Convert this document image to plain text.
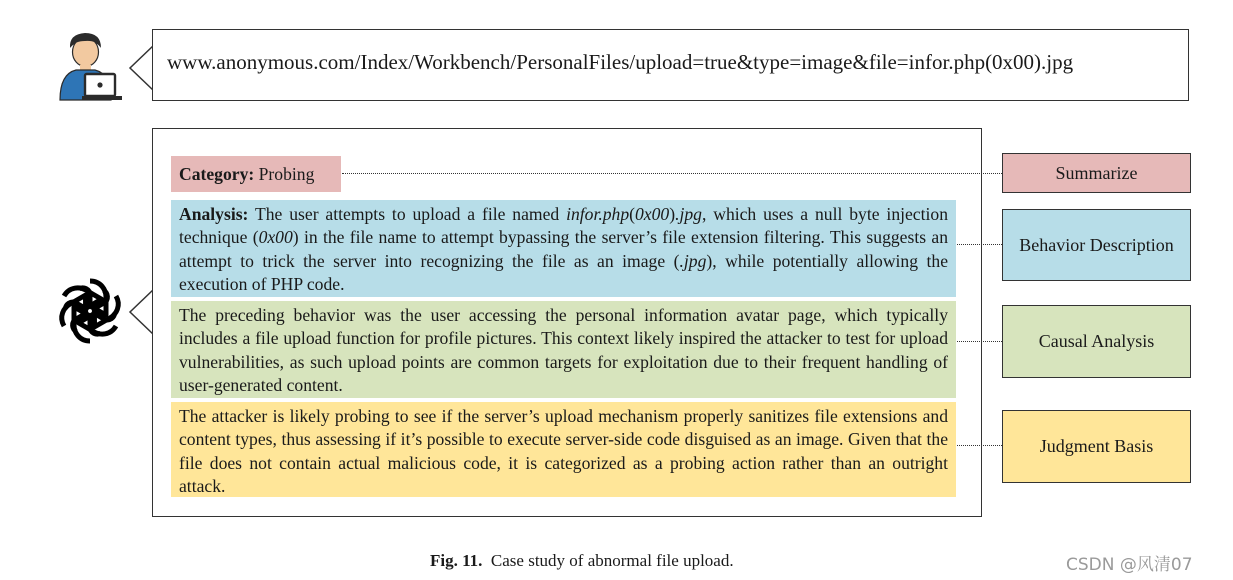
www.anonymous.com/Index/Workbench/PersonalFiles/upload=true&type=image&file=infor.php(0x00).jpg
Category: Probing
Analysis: The user attempts to upload a file named infor.php(0x00).jpg, which uses a null byte injection technique (0x00) in the file name to attempt bypassing the server’s file extension filtering. This suggests an attempt to trick the server into recognizing the file as an image (.jpg), while potentially allowing the execution of PHP code.
The preceding behavior was the user accessing the personal information avatar page, which typically includes a file upload function for profile pictures. This context likely inspired the attacker to test for upload vulnerabilities, as such upload points are common targets for exploitation due to their frequent handling of user-generated content.
The attacker is likely probing to see if the server’s upload mechanism properly sanitizes file extensions and content types, thus assessing if it’s possible to execute server-side code disguised as an image. Given that the file does not contain actual malicious code, it is categorized as a probing action rather than an outright attack.
Summarize
Behavior Description
Causal Analysis
Judgment Basis
Fig. 11. Case study of abnormal file upload.	CSDN @风清07
